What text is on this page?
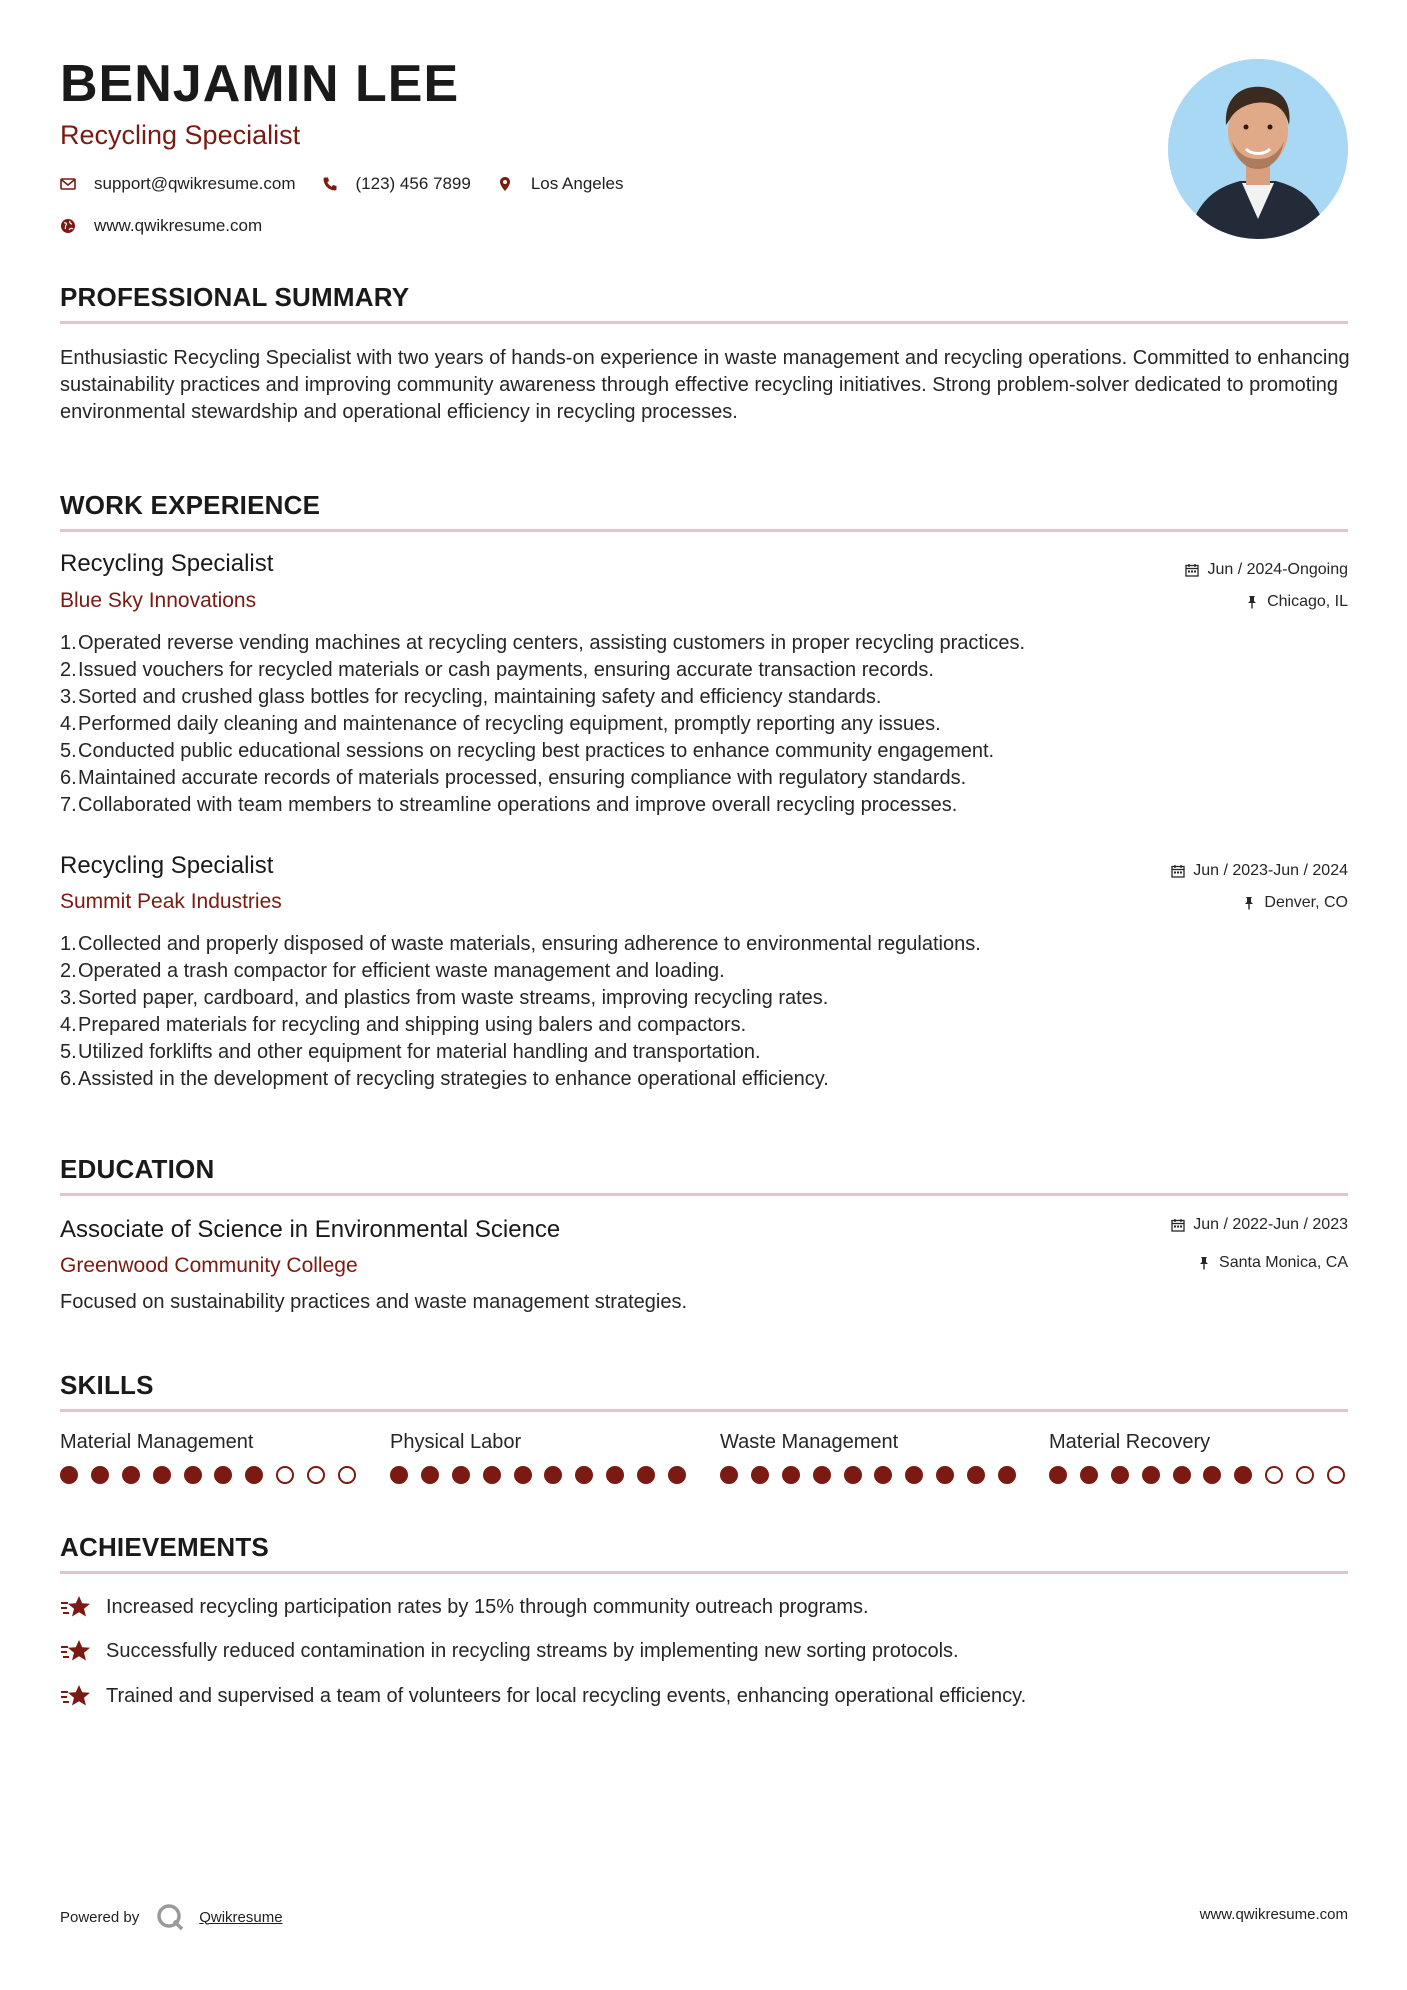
BENJAMIN LEE
Recycling Specialist
support@qwikresume.com	(123) 456 7899	Los Angeles
www.qwikresume.com
PROFESSIONAL SUMMARY
Enthusiastic Recycling Specialist with two years of hands-on experience in waste management and recycling operations. Committed to enhancing sustainability practices and improving community awareness through effective recycling initiatives. Strong problem-solver dedicated to promoting environmental stewardship and operational efficiency in recycling processes.
WORK EXPERIENCE
Recycling Specialist	Jun / 2024-Ongoing
Blue Sky Innovations	Chicago, IL
1. Operated reverse vending machines at recycling centers, assisting customers in proper recycling practices.
2. Issued vouchers for recycled materials or cash payments, ensuring accurate transaction records.
3. Sorted and crushed glass bottles for recycling, maintaining safety and efficiency standards.
4. Performed daily cleaning and maintenance of recycling equipment, promptly reporting any issues.
5. Conducted public educational sessions on recycling best practices to enhance community engagement.
6. Maintained accurate records of materials processed, ensuring compliance with regulatory standards.
7. Collaborated with team members to streamline operations and improve overall recycling processes.
Recycling Specialist	Jun / 2023-Jun / 2024
Summit Peak Industries	Denver, CO
1. Collected and properly disposed of waste materials, ensuring adherence to environmental regulations.
2. Operated a trash compactor for efficient waste management and loading.
3. Sorted paper, cardboard, and plastics from waste streams, improving recycling rates.
4. Prepared materials for recycling and shipping using balers and compactors.
5. Utilized forklifts and other equipment for material handling and transportation.
6. Assisted in the development of recycling strategies to enhance operational efficiency.
EDUCATION
Associate of Science in Environmental Science	Jun / 2022-Jun / 2023
Greenwood Community College	Santa Monica, CA
Focused on sustainability practices and waste management strategies.
SKILLS
Material Management	Physical Labor	Waste Management	Material Recovery
ACHIEVEMENTS
Increased recycling participation rates by 15% through community outreach programs.
Successfully reduced contamination in recycling streams by implementing new sorting protocols.
Trained and supervised a team of volunteers for local recycling events, enhancing operational efficiency.
Powered by	Qwikresume	www.qwikresume.com
